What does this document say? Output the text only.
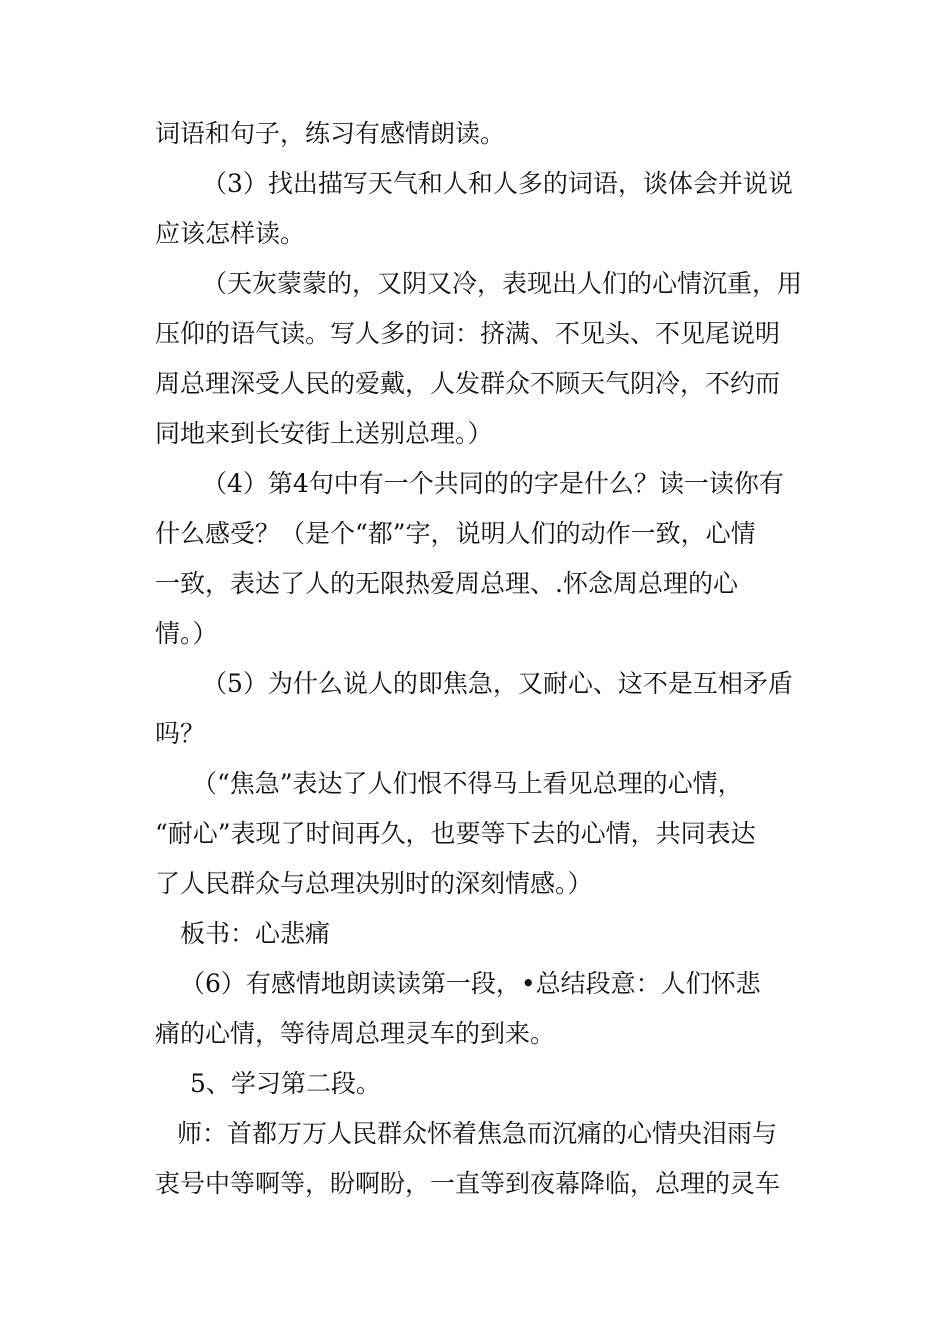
词语和句子，练习有感情朗读。
（3）找出描写天气和人和人多的词语，谈体会并说说
应该怎样读。
（天灰蒙蒙的，又阴又冷，表现出人们的心情沉重，用
压仰的语气读。写人多的词：挤满、不见头、不见尾说明
周总理深受人民的爱戴，人发群众不顾天气阴冷，不约而
同地来到长安街上送别总理。）
（4）第4句中有一个共同的的字是什么？读一读你有
什么感受？（是个“都”字，说明人们的动作一致，心情
一致，表达了人的无限热爱周总理、.怀念周总理的心
情。）
（5）为什么说人的即焦急，又耐心、这不是互相矛盾
吗？
（“焦急”表达了人们恨不得马上看见总理的心情，
“耐心”表现了时间再久，也要等下去的心情，共同表达
了人民群众与总理决别时的深刻情感。）
板书：心悲痛
（6）有感情地朗读读第一段，•总结段意：人们怀悲
痛的心情，等待周总理灵车的到来。
5、学习第二段。
师：首都万万人民群众怀着焦急而沉痛的心情央泪雨与
衷号中等啊等，盼啊盼，一直等到夜幕降临，总理的灵车
